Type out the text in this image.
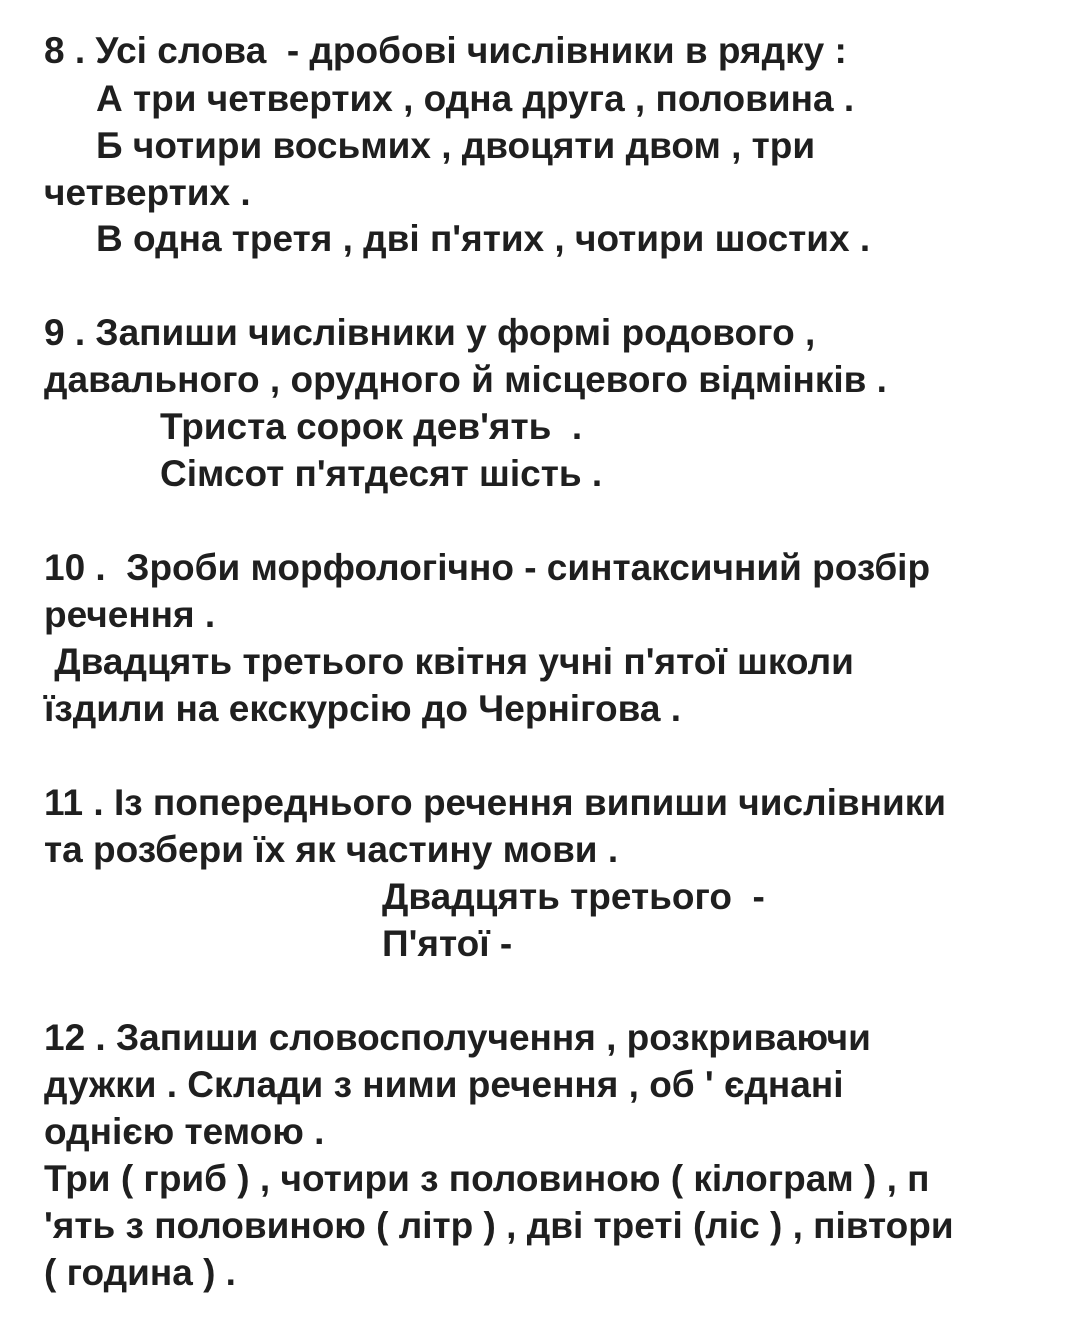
8 . Усі слова  - дробові числівники в рядку :
А три четвертих , одна друга , половина .
Б чотири восьмих , двоцяти двом , три
четвертих .
В одна третя , дві п'ятих , чотири шостих .
9 . Запиши числівники у формі родового ,
давального , орудного й місцевого відмінків .
Триста сорок дев'ять  .
Сімсот п'ятдесят шість .
10 .  Зроби морфологічно - синтаксичний розбір
речення .
Двадцять третього квітня учні п'ятої школи
їздили на екскурсію до Чернігова .
11 . Із попереднього речення випиши числівники
та розбери їх як частину мови .
Двадцять третього  -
П'ятої -
12 . Запиши словосполучення , розкриваючи
дужки . Склади з ними речення , об ' єднані
однією темою .
Три ( гриб ) , чотири з половиною ( кілограм ) , п
'ять з половиною ( літр ) , дві треті (ліс ) , півтори
( година ) .
